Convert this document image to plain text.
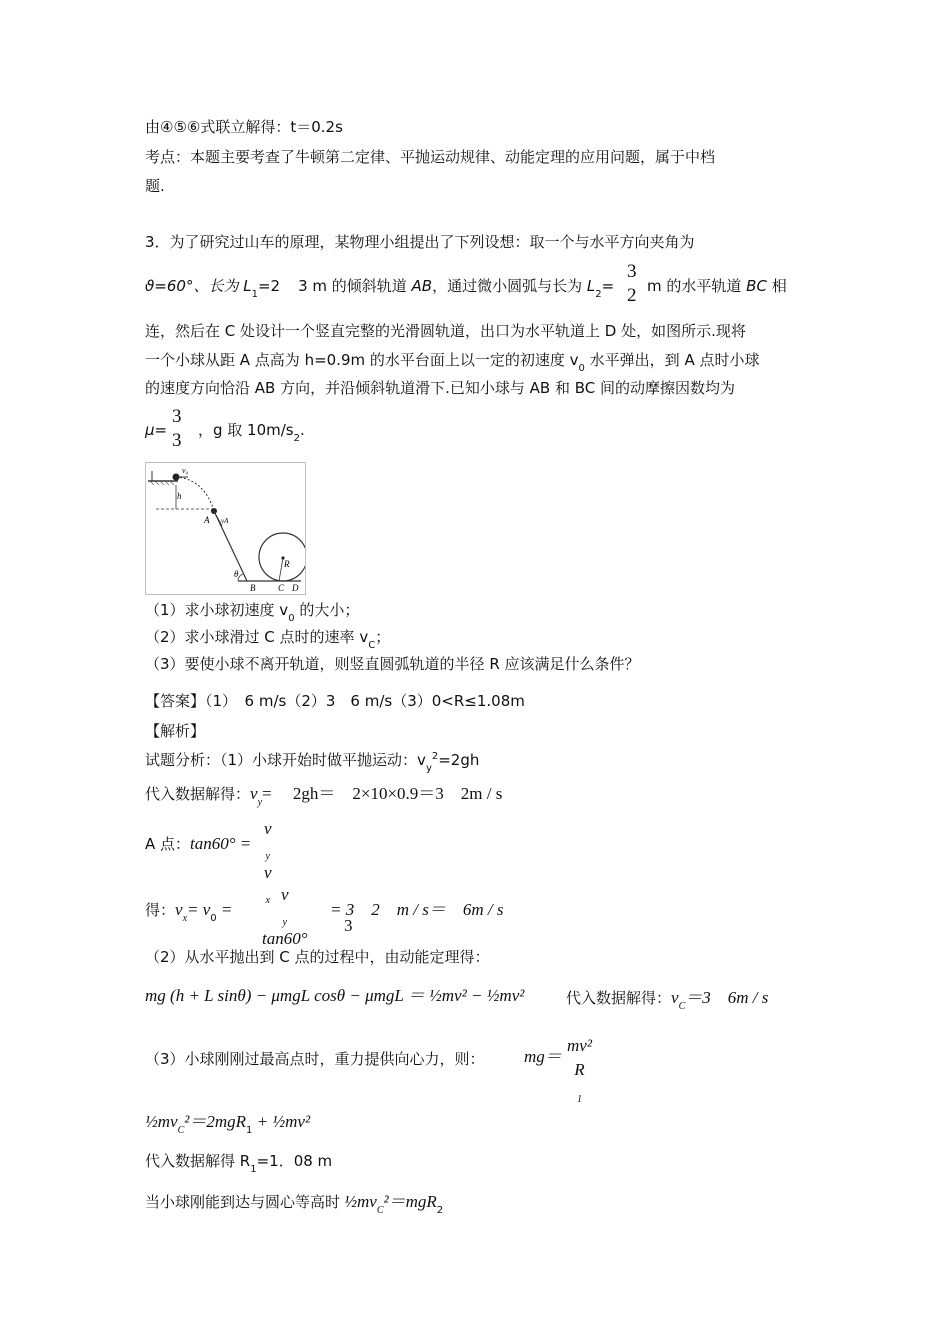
由④⑤⑥式联立解得：t＝0.2s
考点：本题主要考查了牛顿第二定律、平抛运动规律、动能定理的应用问题，属于中档
题.
3．为了研究过山车的原理，某物理小组提出了下列设想：取一个与水平方向夹角为
ϑ=60°、长为 $L_1=2$ 3 m 的倾斜轨道 AB，通过微小圆弧与长为 $L_2=$
3
2 m 的水平轨道 BC 相
连，然后在 C 处设计一个竖直完整的光滑圆轨道，出口为水平轨道上 D 处，如图所示.现将
一个小球从距 A 点高为 h=0.9m 的水平台面上以一定的初速度 $v_0$ 水平弹出，到 A 点时小球
的速度方向恰沿 AB 方向，并沿倾斜轨道滑下.已知小球与 AB 和 BC 间的动摩擦因数均为
μ=
3
3 ，g 取 $10m/s_2$.
v₀
h
A vA
R
θ
B	C D
（1）求小球初速度 $v_0$ 的大小；
（2）求小球滑过 C 点时的速率 $v_C$；
（3）要使小球不离开轨道，则竖直圆弧轨道的半径 R 应该满足什么条件？
【答案】（1）　6 m/s（2）3　6 m/s（3）0<R≤1.08m
【解析】
试题分析：（1）小球开始时做平抛运动：$v_y^2=2gh$
代入数据解得：$v_y=$ 　2gh＝　2×10×0.9＝3　2m / s
A 点：tan60° =
v
y
v
x
得：$v_x= v_0$ =
v
y
tan60°
= 3　2　m / s＝　6m / s
3
（2）从水平抛出到 C 点的过程中，由动能定理得：
mg (h + L sinθ) − μmgL cosθ − μmgL ＝ ½mv² − ½mv²	代入数据解得：$v_C=3$　6m / s
（3）小球刚刚过最高点时，重力提供向心力，则： mg＝
mv²
R
1
$\frac{1}{2}mv_C^2=2mgR_1$ + ½mv²
代入数据解得 $R_1=1$．08 m
当小球刚能到达与圆心等高时 $\frac{1}{2}mv_C^2=mgR_2$
